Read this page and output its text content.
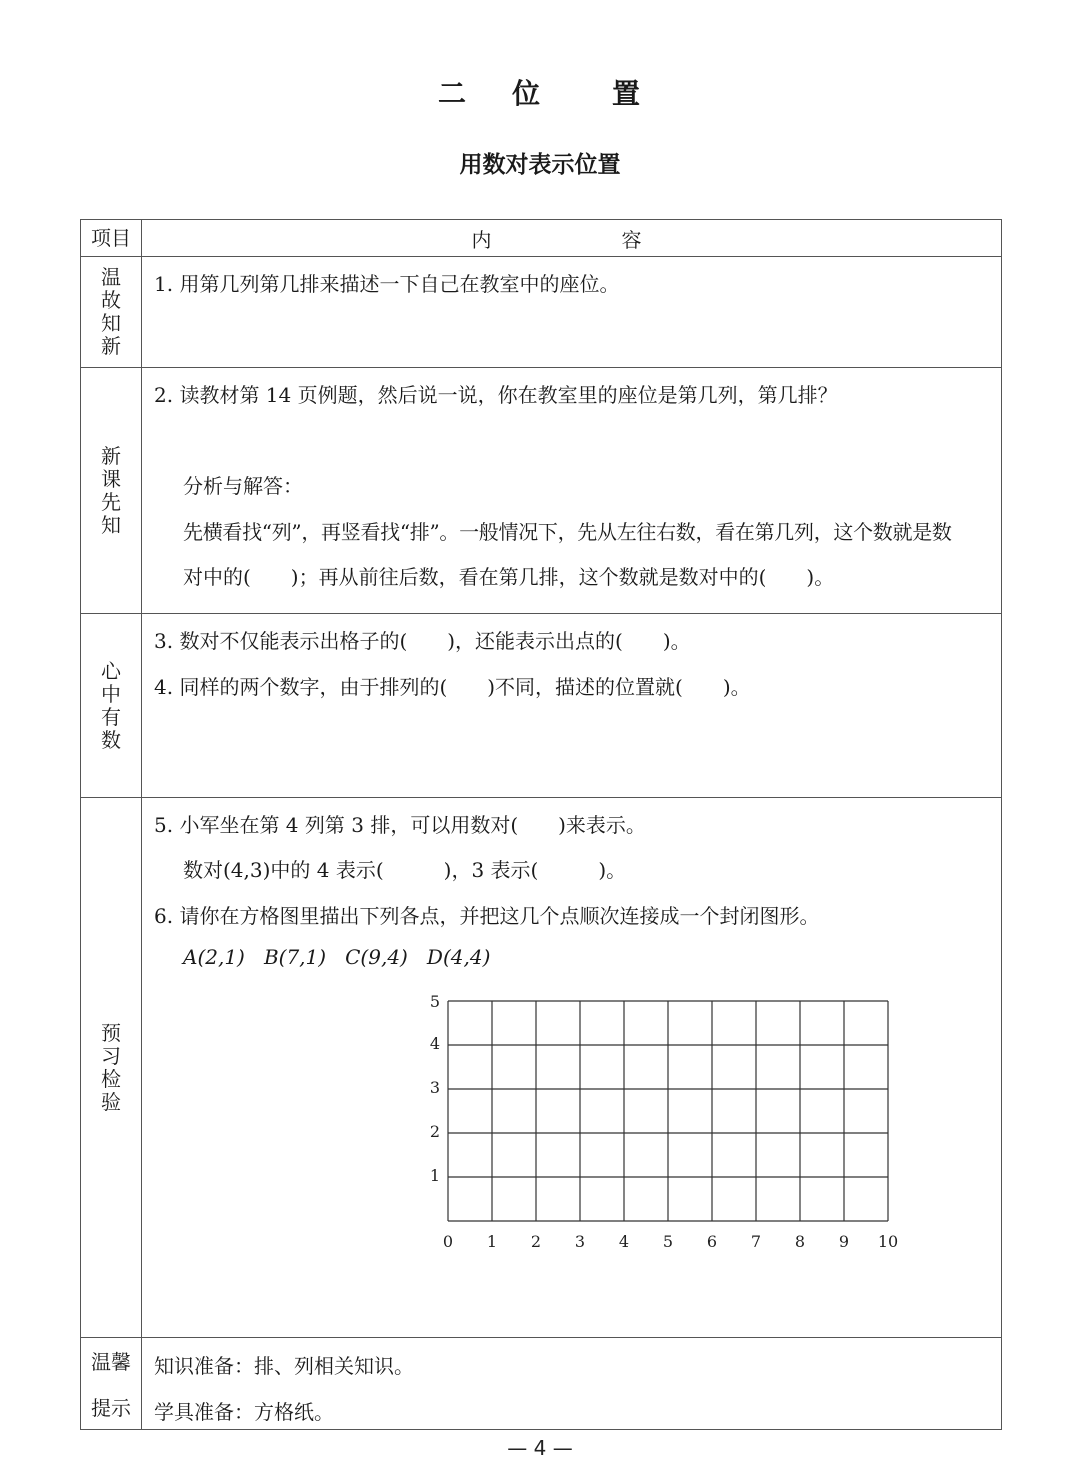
二 位	置
用数对表示位置
项目	内　　容
温
故
知
新
1. 用第几列第几排来描述一下自己在教室中的座位。
新
课
先
知
2. 读教材第 14 页例题，然后说一说，你在教室里的座位是第几列，第几排？
分析与解答：
先横看找“列”，再竖看找“排”。一般情况下，先从左往右数，看在第几列，这个数就是数
对中的(　　)；再从前往后数，看在第几排，这个数就是数对中的(　　)。
心
中
有
数
3. 数对不仅能表示出格子的(　　)，还能表示出点的(　　)。
4. 同样的两个数字，由于排列的(　　)不同，描述的位置就(　　)。
预
习
检
验
5. 小军坐在第 4 列第 3 排，可以用数对(　　)来表示。
数对(4,3)中的 4 表示(　　　)，3 表示(　　　)。
6. 请你在方格图里描出下列各点，并把这几个点顺次连接成一个封闭图形。
A(2,1) B(7,1) C(9,4) D(4,4)
0 1 2 3 4 5 6 7 8 9 10
1
2
3
4
5
温馨
提示
知识准备：排、列相关知识。
学具准备：方格纸。
— 4 —
